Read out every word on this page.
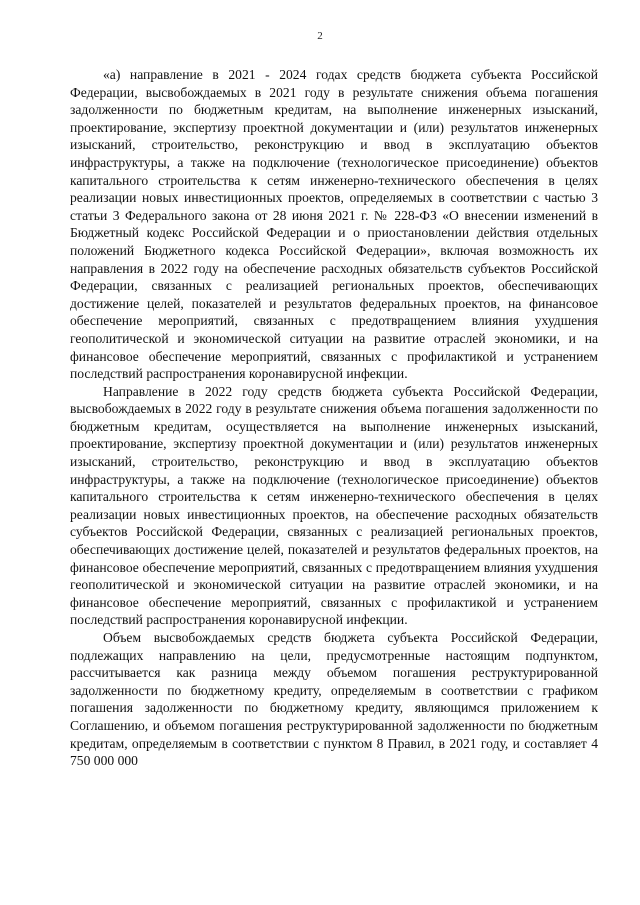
2

«а) направление в 2021 - 2024 годах средств бюджета субъекта Российской Федерации, высвобождаемых в 2021 году в результате снижения объема погашения задолженности по бюджетным кредитам, на выполнение инженерных изысканий, проектирование, экспертизу проектной документации и (или) результатов инженерных изысканий, строительство, реконструкцию и ввод в эксплуатацию объектов инфраструктуры, а также на подключение (технологическое присоединение) объектов капитального строительства к сетям инженерно-технического обеспечения в целях реализации новых инвестиционных проектов, определяемых в соответствии с частью 3 статьи 3 Федерального закона от 28 июня 2021 г. № 228-ФЗ «О внесении изменений в Бюджетный кодекс Российской Федерации и о приостановлении действия отдельных положений Бюджетного кодекса Российской Федерации», включая возможность их направления в 2022 году на обеспечение расходных обязательств субъектов Российской Федерации, связанных с реализацией региональных проектов, обеспечивающих достижение целей, показателей и результатов федеральных проектов, на финансовое обеспечение мероприятий, связанных с предотвращением влияния ухудшения геополитической и экономической ситуации на развитие отраслей экономики, и на финансовое обеспечение мероприятий, связанных с профилактикой и устранением последствий распространения коронавирусной инфекции.

Направление в 2022 году средств бюджета субъекта Российской Федерации, высвобождаемых в 2022 году в результате снижения объема погашения задолженности по бюджетным кредитам, осуществляется на выполнение инженерных изысканий, проектирование, экспертизу проектной документации и (или) результатов инженерных изысканий, строительство, реконструкцию и ввод в эксплуатацию объектов инфраструктуры, а также на подключение (технологическое присоединение) объектов капитального строительства к сетям инженерно-технического обеспечения в целях реализации новых инвестиционных проектов, на обеспечение расходных обязательств субъектов Российской Федерации, связанных с реализацией региональных проектов, обеспечивающих достижение целей, показателей и результатов федеральных проектов, на финансовое обеспечение мероприятий, связанных с предотвращением влияния ухудшения геополитической и экономической ситуации на развитие отраслей экономики, и на финансовое обеспечение мероприятий, связанных с профилактикой и устранением последствий распространения коронавирусной инфекции.

Объем высвобождаемых средств бюджета субъекта Российской Федерации, подлежащих направлению на цели, предусмотренные настоящим подпунктом, рассчитывается как разница между объемом погашения реструктурированной задолженности по бюджетному кредиту, определяемым в соответствии с графиком погашения задолженности по бюджетному кредиту, являющимся приложением к Соглашению, и объемом погашения реструктурированной задолженности по бюджетным кредитам, определяемым в соответствии с пунктом 8 Правил, в 2021 году, и составляет 4 750 000 000
